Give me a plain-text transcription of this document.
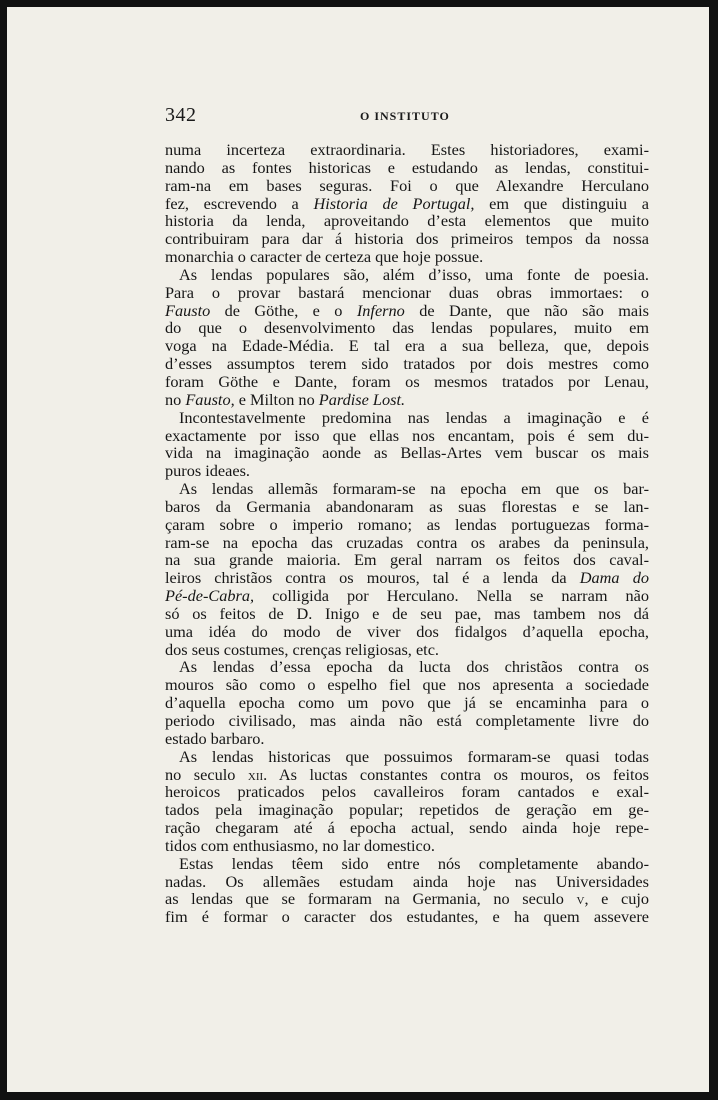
342	O INSTITUTO
numa incerteza extraordinaria. Estes historiadores, exami-
nando as fontes historicas e estudando as lendas, constitui-
ram-na em bases seguras. Foi o que Alexandre Herculano
fez, escrevendo a Historia de Portugal, em que distinguiu a
historia da lenda, aproveitando d’esta elementos que muito
contribuiram para dar á historia dos primeiros tempos da nossa
monarchia o caracter de certeza que hoje possue.
As lendas populares são, além d’isso, uma fonte de poesia.
Para o provar bastará mencionar duas obras immortaes: o
Fausto de Göthe, e o Inferno de Dante, que não são mais
do que o desenvolvimento das lendas populares, muito em
voga na Edade-Média. E tal era a sua belleza, que, depois
d’esses assumptos terem sido tratados por dois mestres como
foram Göthe e Dante, foram os mesmos tratados por Lenau,
no Fausto, e Milton no Pardise Lost.
Incontestavelmente predomina nas lendas a imaginação e é
exactamente por isso que ellas nos encantam, pois é sem du-
vida na imaginação aonde as Bellas-Artes vem buscar os mais
puros ideaes.
As lendas allemãs formaram-se na epocha em que os bar-
baros da Germania abandonaram as suas florestas e se lan-
çaram sobre o imperio romano; as lendas portuguezas forma-
ram-se na epocha das cruzadas contra os arabes da peninsula,
na sua grande maioria. Em geral narram os feitos dos caval-
leiros christãos contra os mouros, tal é a lenda da Dama do
Pé-de-Cabra, colligida por Herculano. Nella se narram não
só os feitos de D. Inigo e de seu pae, mas tambem nos dá
uma idéa do modo de viver dos fidalgos d’aquella epocha,
dos seus costumes, crenças religiosas, etc.
As lendas d’essa epocha da lucta dos christãos contra os
mouros são como o espelho fiel que nos apresenta a sociedade
d’aquella epocha como um povo que já se encaminha para o
periodo civilisado, mas ainda não está completamente livre do
estado barbaro.
As lendas historicas que possuimos formaram-se quasi todas
no seculo xii. As luctas constantes contra os mouros, os feitos
heroicos praticados pelos cavalleiros foram cantados e exal-
tados pela imaginação popular; repetidos de geração em ge-
ração chegaram até á epocha actual, sendo ainda hoje repe-
tidos com enthusiasmo, no lar domestico.
Estas lendas têem sido entre nós completamente abando-
nadas. Os allemães estudam ainda hoje nas Universidades
as lendas que se formaram na Germania, no seculo v, e cujo
fim é formar o caracter dos estudantes, e ha quem assevere
